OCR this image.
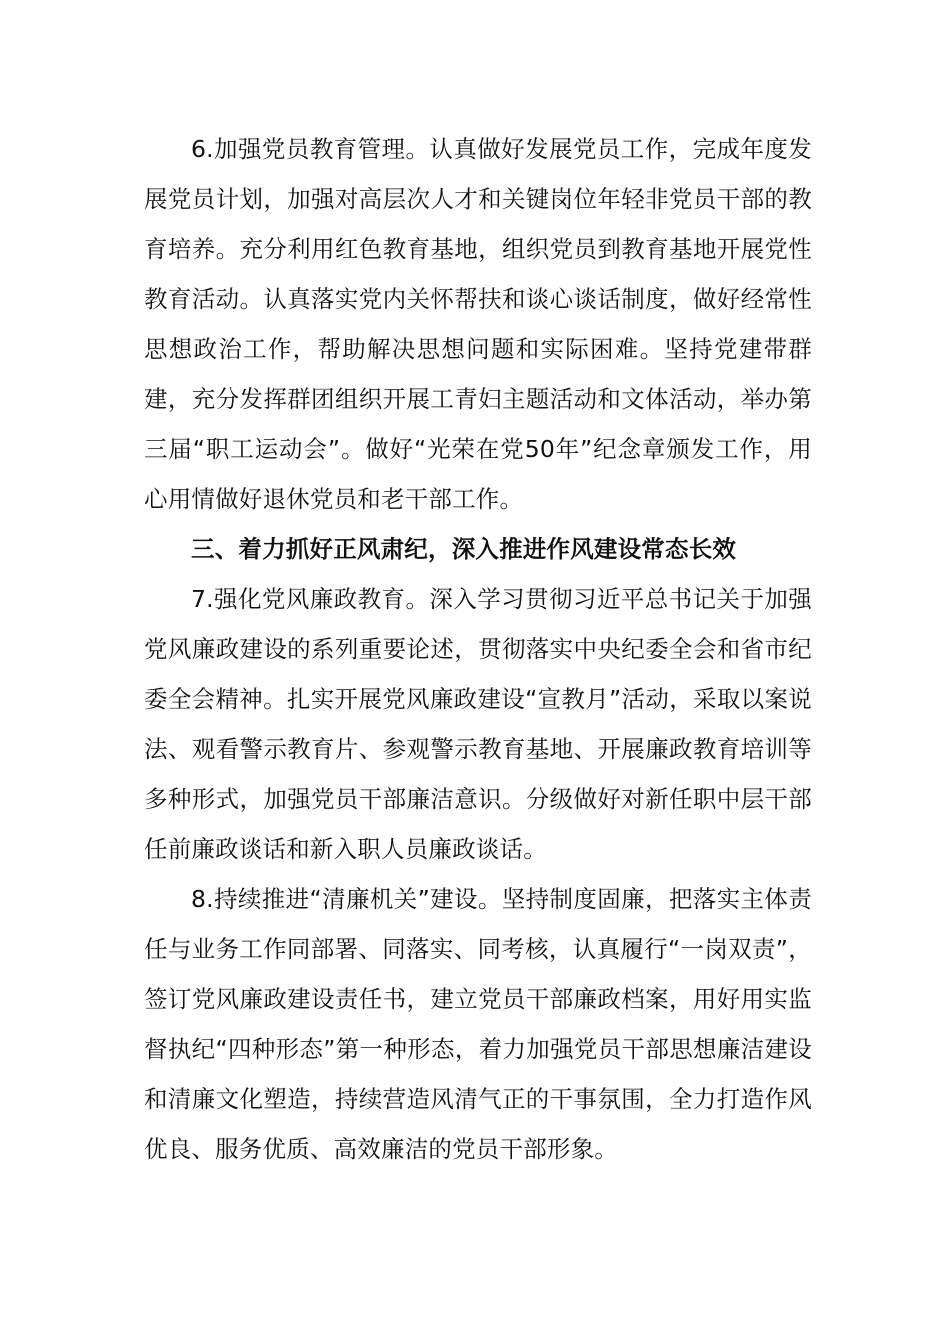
6.加强党员教育管理。认真做好发展党员工作，完成年度发展党员计划，加强对高层次人才和关键岗位年轻非党员干部的教育培养。充分利用红色教育基地，组织党员到教育基地开展党性教育活动。认真落实党内关怀帮扶和谈心谈话制度，做好经常性思想政治工作，帮助解决思想问题和实际困难。坚持党建带群建，充分发挥群团组织开展工青妇主题活动和文体活动，举办第三届“职工运动会”。做好“光荣在党50年”纪念章颁发工作，用心用情做好退休党员和老干部工作。

三、着力抓好正风肃纪，深入推进作风建设常态长效

7.强化党风廉政教育。深入学习贯彻习近平总书记关于加强党风廉政建设的系列重要论述，贯彻落实中央纪委全会和省市纪委全会精神。扎实开展党风廉政建设“宣教月”活动，采取以案说法、观看警示教育片、参观警示教育基地、开展廉政教育培训等多种形式，加强党员干部廉洁意识。分级做好对新任职中层干部任前廉政谈话和新入职人员廉政谈话。

8.持续推进“清廉机关”建设。坚持制度固廉，把落实主体责任与业务工作同部署、同落实、同考核，认真履行“一岗双责”，签订党风廉政建设责任书，建立党员干部廉政档案，用好用实监督执纪“四种形态”第一种形态，着力加强党员干部思想廉洁建设和清廉文化塑造，持续营造风清气正的干事氛围，全力打造作风优良、服务优质、高效廉洁的党员干部形象。
